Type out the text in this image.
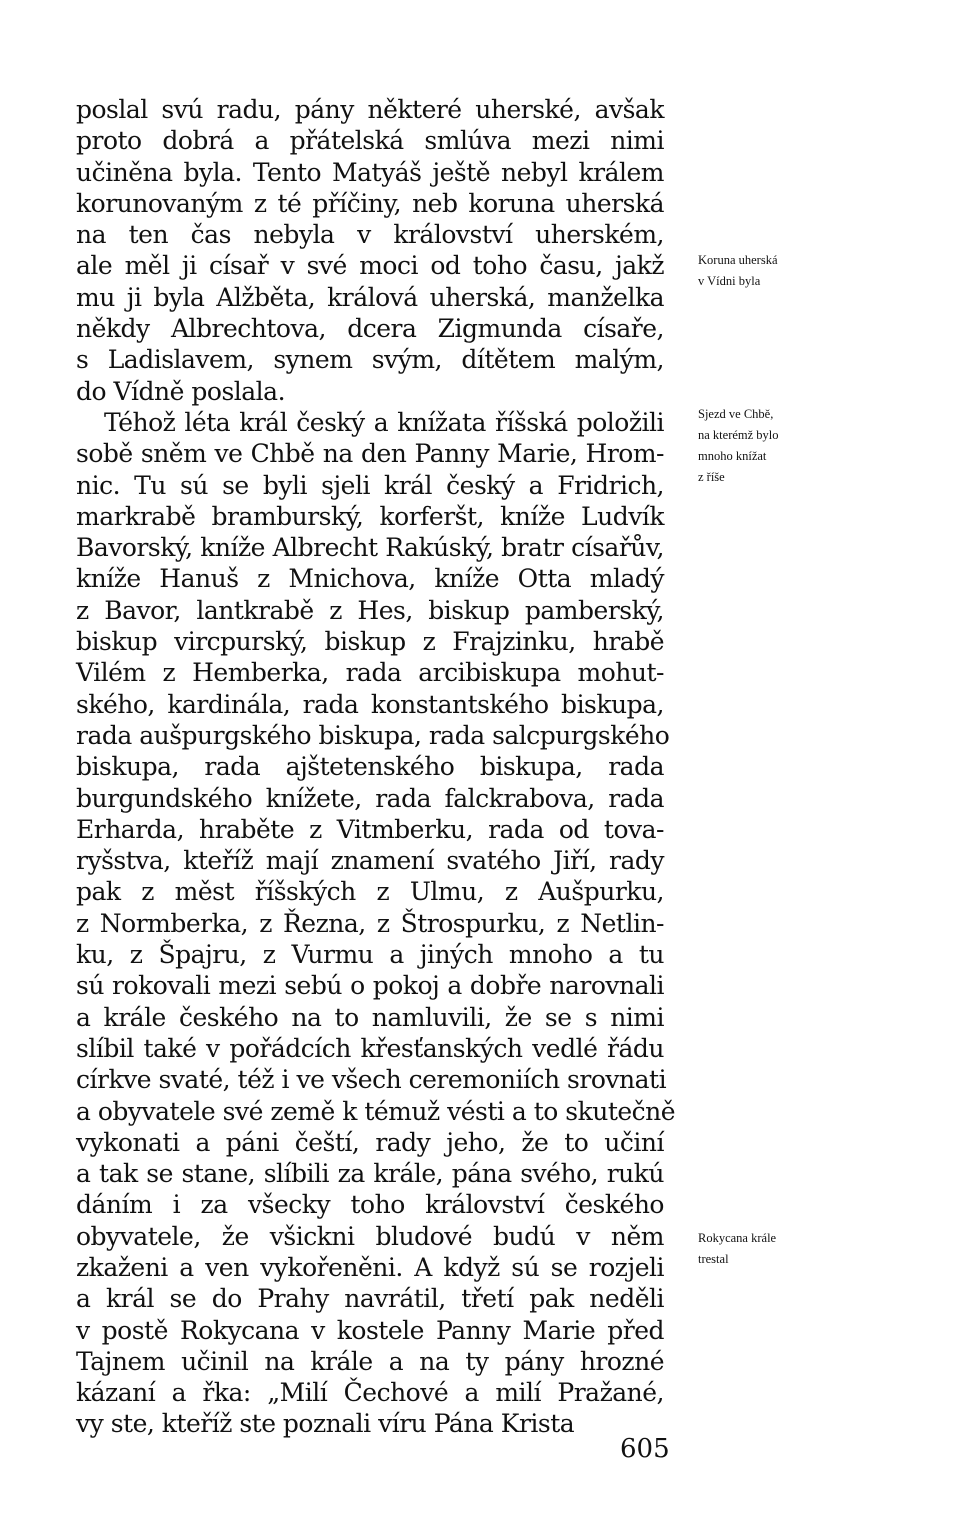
poslal svú radu, pány některé uherské, avšak
proto dobrá a přátelská smlúva mezi nimi
učiněna byla. Tento Matyáš ještě nebyl králem
korunovaným z té příčiny, neb koruna uherská
na ten čas nebyla v království uherském,
ale měl ji císař v své moci od toho času, jakž
mu ji byla Alžběta, králová uherská, manželka
někdy Albrechtova, dcera Zigmunda císaře,
s Ladislavem, synem svým, dítětem malým,
do Vídně poslala.
Téhož léta král český a knížata říšská položili
sobě sněm ve Chbě na den Panny Marie, Hrom-
nic. Tu sú se byli sjeli král český a Fridrich,
markrabě bramburský, korferšt, kníže Ludvík
Bavorský, kníže Albrecht Rakúský, bratr císařův,
kníže Hanuš z Mnichova, kníže Otta mladý
z Bavor, lantkrabě z Hes, biskup pamberský,
biskup vircpurský, biskup z Frajzinku, hrabě
Vilém z Hemberka, rada arcibiskupa mohut-
ského, kardinála, rada konstantského biskupa,
rada aušpurgského biskupa, rada salcpurgského
biskupa, rada ajštetenského biskupa, rada
burgundského knížete, rada falckrabova, rada
Erharda, hraběte z Vitmberku, rada od tova-
ryšstva, kteříž mají znamení svatého Jiří, rady
pak z měst říšských z Ulmu, z Aušpurku,
z Normberka, z Řezna, z Štrospurku, z Netlin-
ku, z Špajru, z Vurmu a jiných mnoho a tu
sú rokovali mezi sebú o pokoj a dobře narovnali
a krále českého na to namluvili, že se s nimi
slíbil také v pořádcích křesťanských vedlé řádu
církve svaté, též i ve všech ceremoniích srovnati
a obyvatele své země k témuž vésti a to skutečně
vykonati a páni čeští, rady jeho, že to učiní
a tak se stane, slíbili za krále, pána svého, rukú
dáním i za všecky toho království českého
obyvatele, že všickni bludové budú v něm
zkaženi a ven vykořeněni. A když sú se rozjeli
a král se do Prahy navrátil, třetí pak neděli
v postě Rokycana v kostele Panny Marie před
Tajnem učinil na krále a na ty pány hrozné
kázaní a řka: „Milí Čechové a milí Pražané,
vy ste, kteříž ste poznali víru Pána Krista
Koruna uherská
v Vídni byla
Sjezd ve Chbě,
na kterémž bylo
mnoho knížat
z říše
Rokycana krále
trestal
605
